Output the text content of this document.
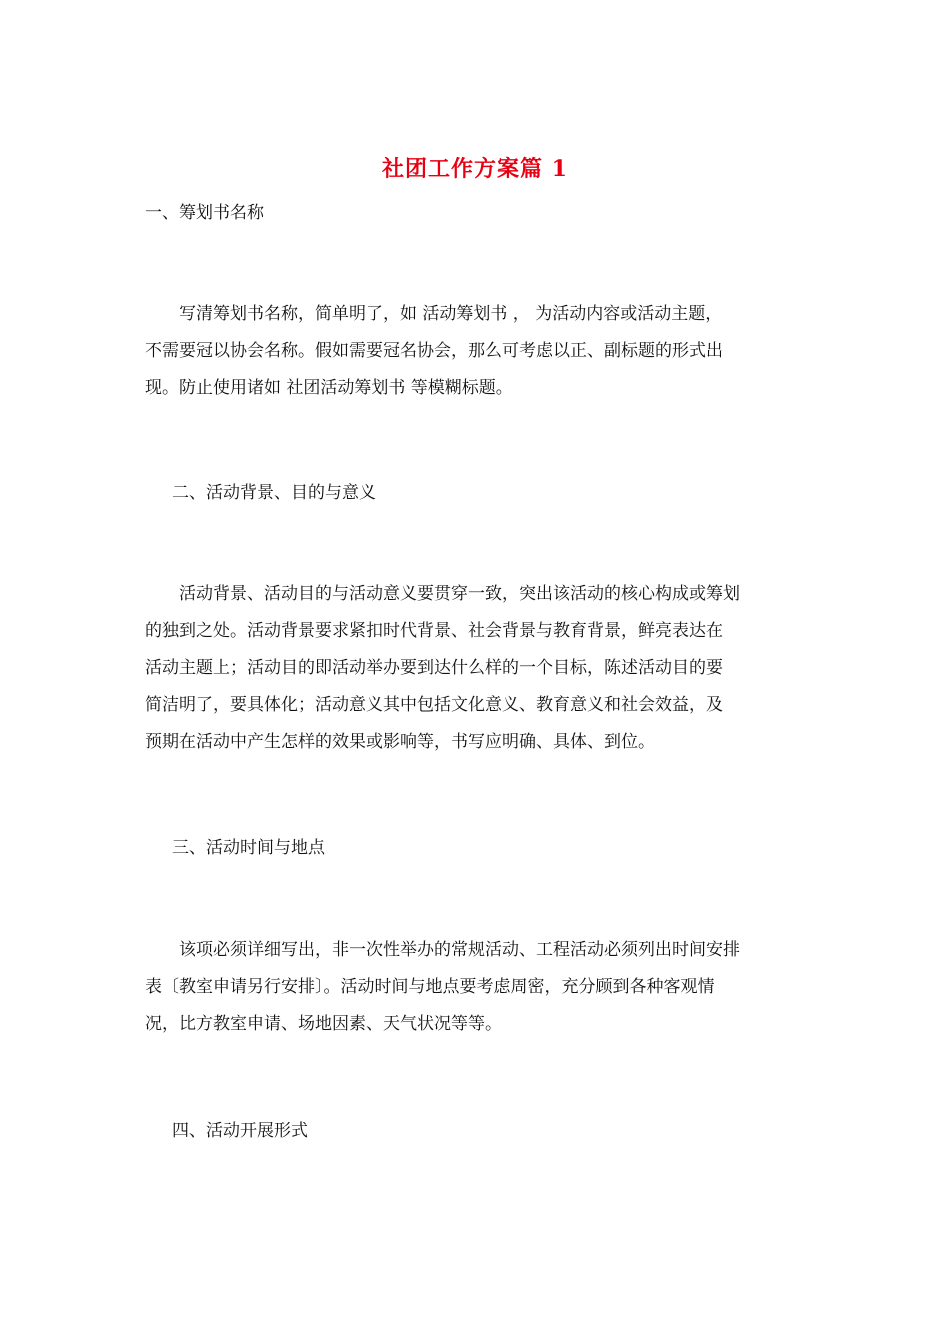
社团工作方案篇 1
一、筹划书名称
　　写清筹划书名称，简单明了，如 活动筹划书 ， 为活动内容或活动主题，
不需要冠以协会名称。假如需要冠名协会，那么可考虑以正、副标题的形式出
现。防止使用诸如 社团活动筹划书 等模糊标题。
二、活动背景、目的与意义
　　活动背景、活动目的与活动意义要贯穿一致，突出该活动的核心构成或筹划
的独到之处。活动背景要求紧扣时代背景、社会背景与教育背景，鲜亮表达在
活动主题上；活动目的即活动举办要到达什么样的一个目标，陈述活动目的要
简洁明了，要具体化；活动意义其中包括文化意义、教育意义和社会效益，及
预期在活动中产生怎样的效果或影响等，书写应明确、具体、到位。
三、活动时间与地点
　　该项必须详细写出，非一次性举办的常规活动、工程活动必须列出时间安排
表〔教室申请另行安排〕。活动时间与地点要考虑周密，充分顾到各种客观情
况，比方教室申请、场地因素、天气状况等等。
四、活动开展形式
